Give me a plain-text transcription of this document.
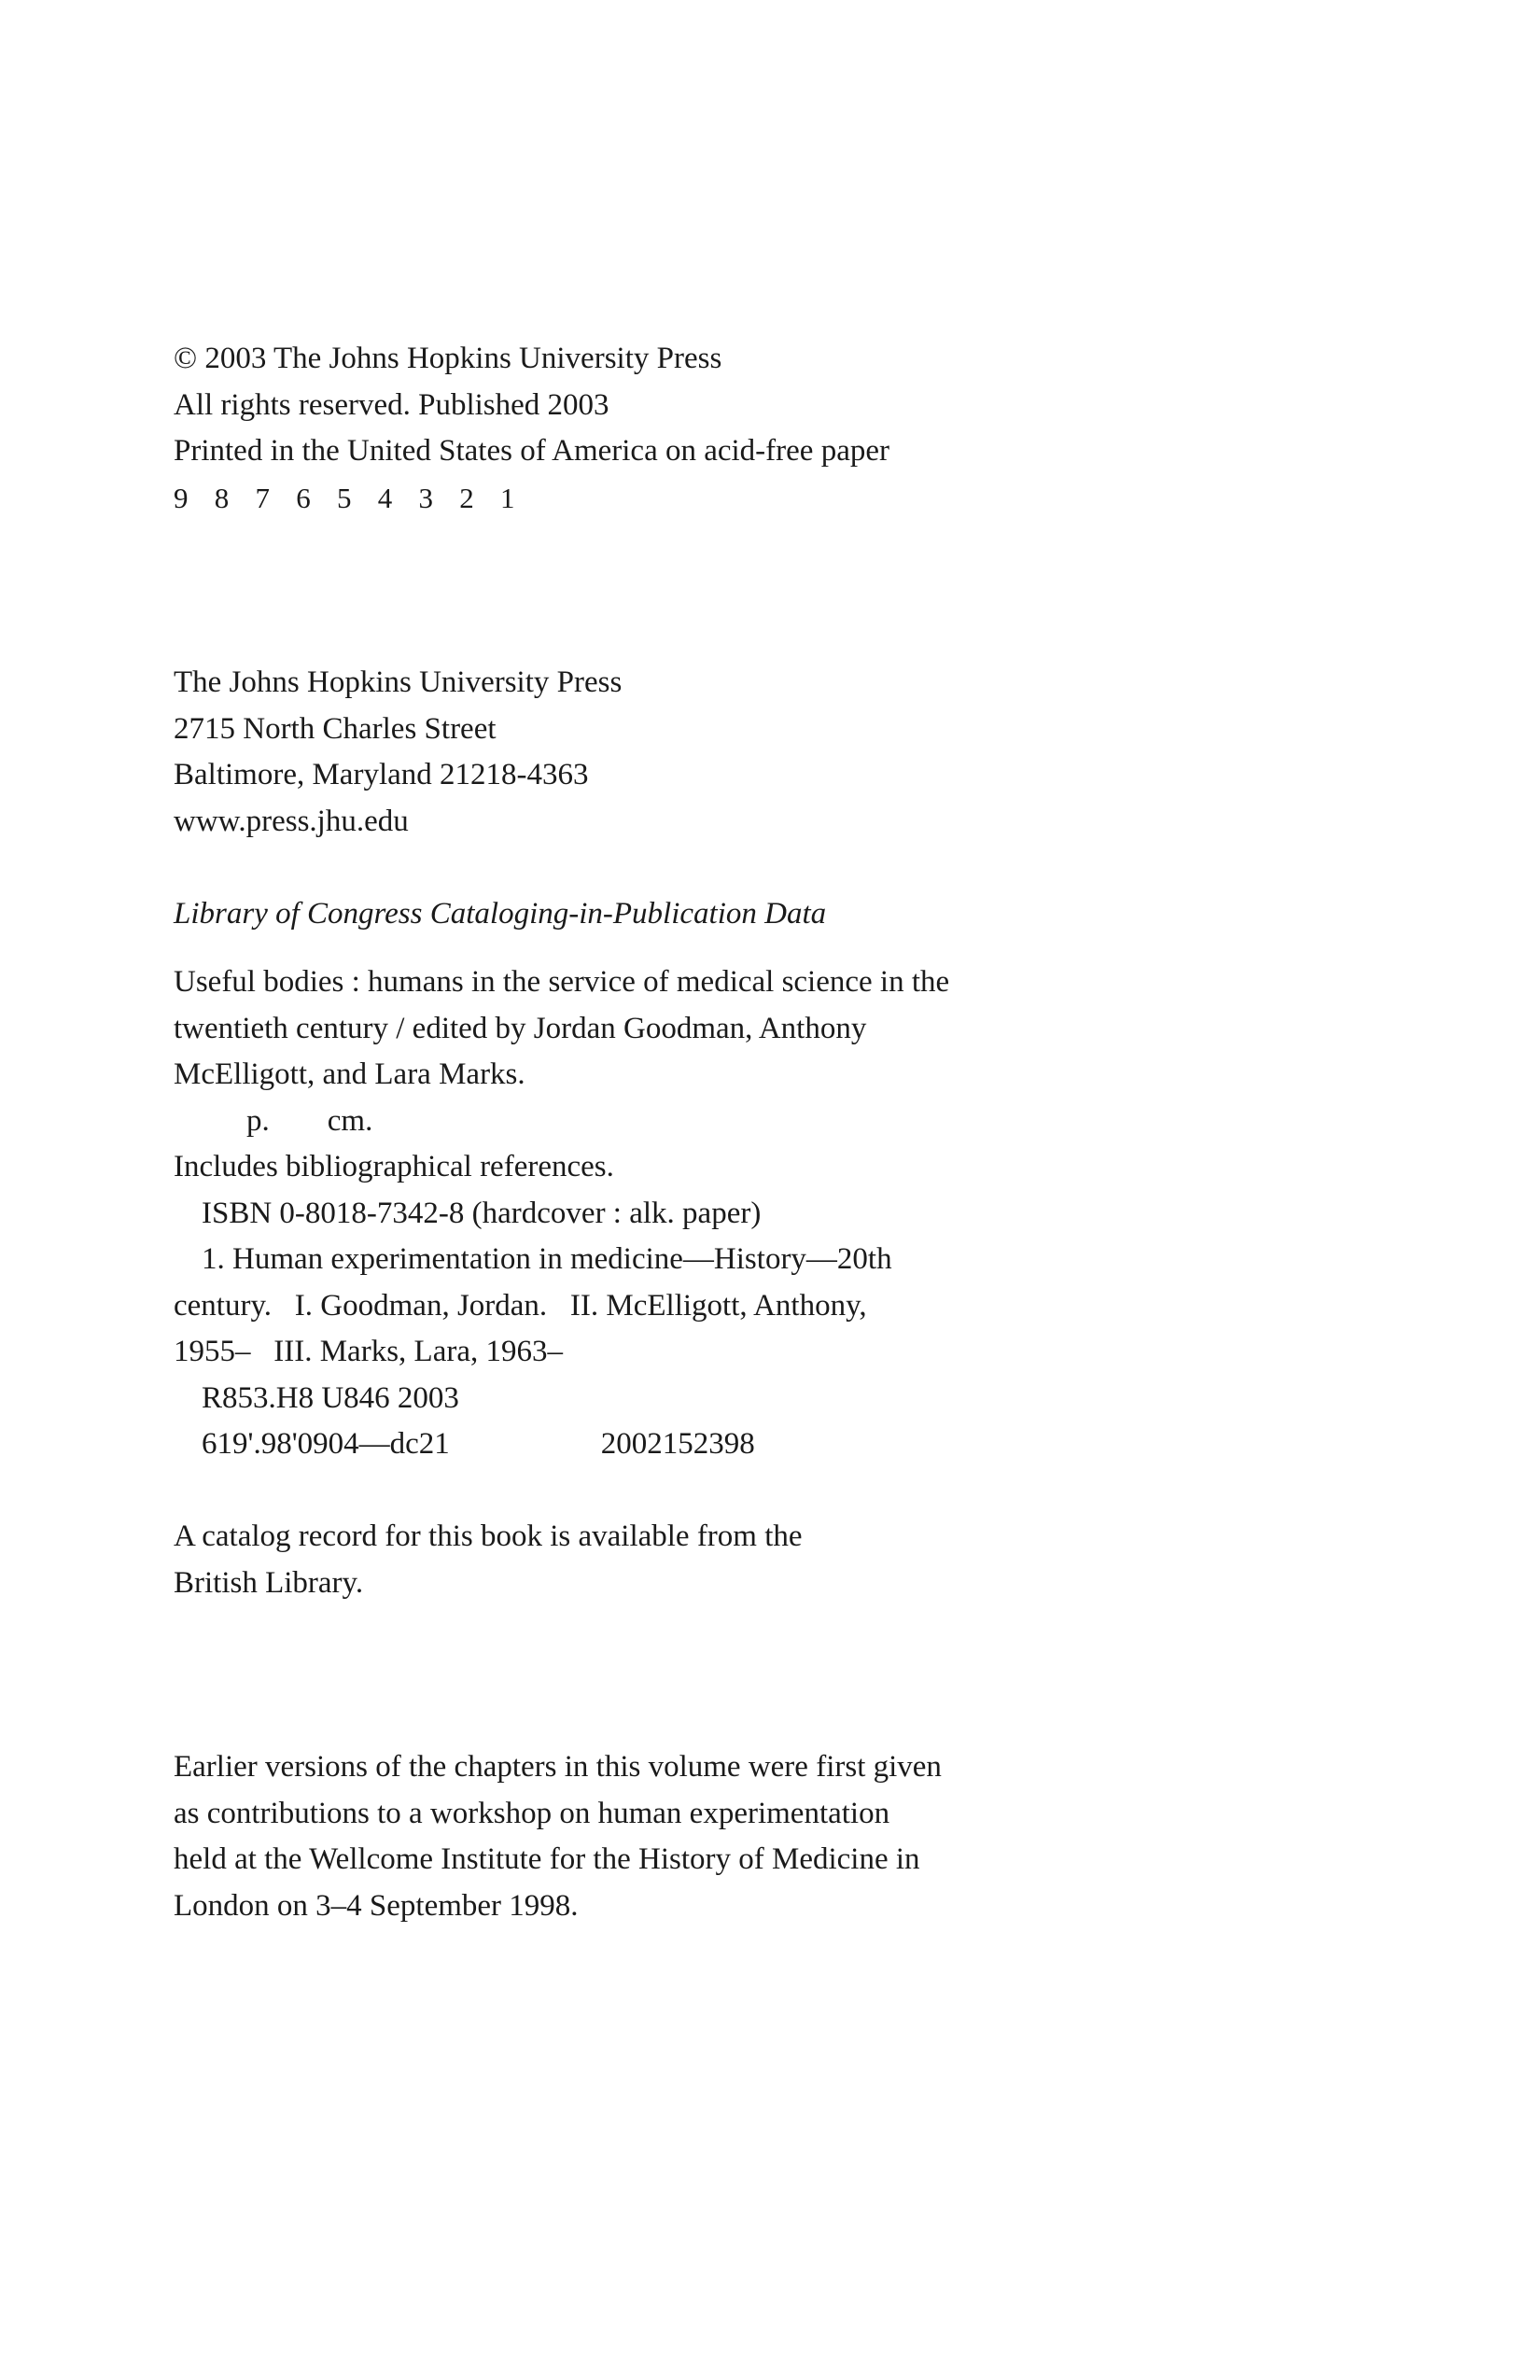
© 2003 The Johns Hopkins University Press
All rights reserved. Published 2003
Printed in the United States of America on acid-free paper
9 8 7 6 5 4 3 2 1
The Johns Hopkins University Press
2715 North Charles Street
Baltimore, Maryland 21218-4363
www.press.jhu.edu
Library of Congress Cataloging-in-Publication Data
Useful bodies : humans in the service of medical science in the
twentieth century / edited by Jordan Goodman, Anthony
McElligott, and Lara Marks.
p. cm.
Includes bibliographical references.
ISBN 0-8018-7342-8 (hardcover : alk. paper)
1. Human experimentation in medicine—History—20th
century.   I. Goodman, Jordan.   II. McElligott, Anthony,
1955–   III. Marks, Lara, 1963–
R853.H8 U846 2003
619'.98'0904—dc21	2002152398
A catalog record for this book is available from the
British Library.
Earlier versions of the chapters in this volume were first given
as contributions to a workshop on human experimentation
held at the Wellcome Institute for the History of Medicine in
London on 3–4 September 1998.
